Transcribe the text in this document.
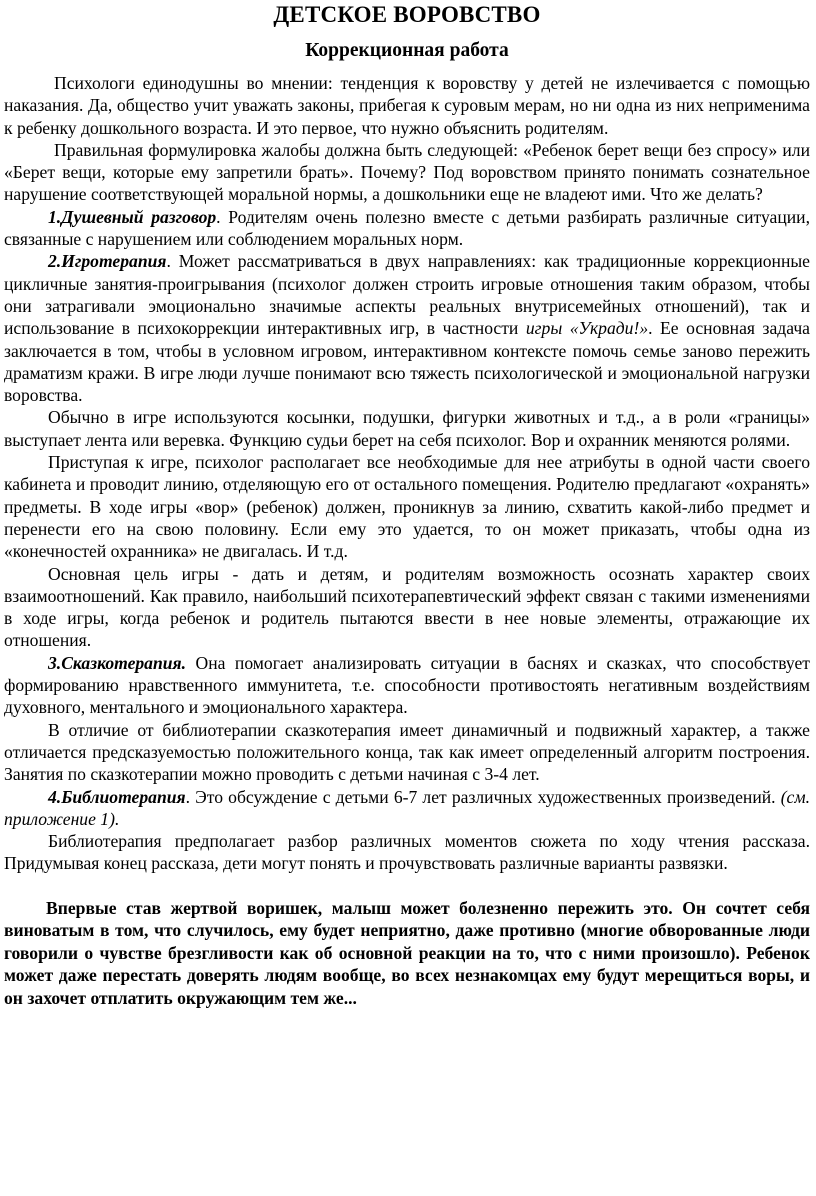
ДЕТСКОЕ ВОРОВСТВО
Коррекционная работа

Психологи единодушны во мнении: тенденция к воровству у детей не излечивается с помощью наказания. Да, общество учит уважать законы, прибегая к суровым мерам, но ни одна из них неприменима к ребенку дошкольного возраста. И это первое, что нужно объяснить родителям.

Правильная формулировка жалобы должна быть следующей: «Ребенок берет вещи без спросу» или «Берет вещи, которые ему запретили брать». Почему? Под воровством принято понимать сознательное нарушение соответствующей моральной нормы, а дошкольники еще не владеют ими. Что же делать?

1.Душевный разговор. Родителям очень полезно вместе с детьми разбирать различные ситуации, связанные с нарушением или соблюдением моральных норм.

2.Игротерапия. Может рассматриваться в двух направлениях: как традиционные коррекционные цикличные занятия-проигрывания (психолог должен строить игровые отношения таким образом, чтобы они затрагивали эмоционально значимые аспекты реальных внутрисемейных отношений), так и использование в психокоррекции интерактивных игр, в частности игры «Укради!». Ее основная задача заключается в том, чтобы в условном игровом, интерактивном контексте помочь семье заново пережить драматизм кражи. В игре люди лучше понимают всю тяжесть психологической и эмоциональной нагрузки воровства.

Обычно в игре используются косынки, подушки, фигурки животных и т.д., а в роли «границы» выступает лента или веревка. Функцию судьи берет на себя психолог. Вор и охранник меняются ролями.

Приступая к игре, психолог располагает все необходимые для нее атрибуты в одной части своего кабинета и проводит линию, отделяющую его от остального помещения. Родителю предлагают «охранять» предметы. В ходе игры «вор» (ребенок) должен, проникнув за линию, схватить какой-либо предмет и перенести его на свою половину. Если ему это удается, то он может приказать, чтобы одна из «конечностей охранника» не двигалась. И т.д.

Основная цель игры - дать и детям, и родителям возможность осознать характер своих взаимоотношений. Как правило, наибольший психотерапевтический эффект связан с такими изменениями в ходе игры, когда ребенок и родитель пытаются ввести в нее новые элементы, отражающие их отношения.

3.Сказкотерапия. Она помогает анализировать ситуации в баснях и сказках, что способствует формированию нравственного иммунитета, т.е. способности противостоять негативным воздействиям духовного, ментального и эмоционального характера.

В отличие от библиотерапии сказкотерапия имеет динамичный и подвижный характер, а также отличается предсказуемостью положительного конца, так как имеет определенный алгоритм построения. Занятия по сказкотерапии можно проводить с детьми начиная с 3-4 лет.

4.Библиотерапия. Это обсуждение с детьми 6-7 лет различных художественных произведений. (см. приложение 1).

Библиотерапия предполагает разбор различных моментов сюжета по ходу чтения рассказа. Придумывая конец рассказа, дети могут понять и прочувствовать различные варианты развязки.

Впервые став жертвой воришек, малыш может болезненно пережить это. Он сочтет себя виноватым в том, что случилось, ему будет неприятно, даже противно (многие обворованные люди говорили о чувстве брезгливости как об основной реакции на то, что с ними произошло). Ребенок может даже перестать доверять людям вообще, во всех незнакомцах ему будут мерещиться воры, и он захочет отплатить окружающим тем же...
